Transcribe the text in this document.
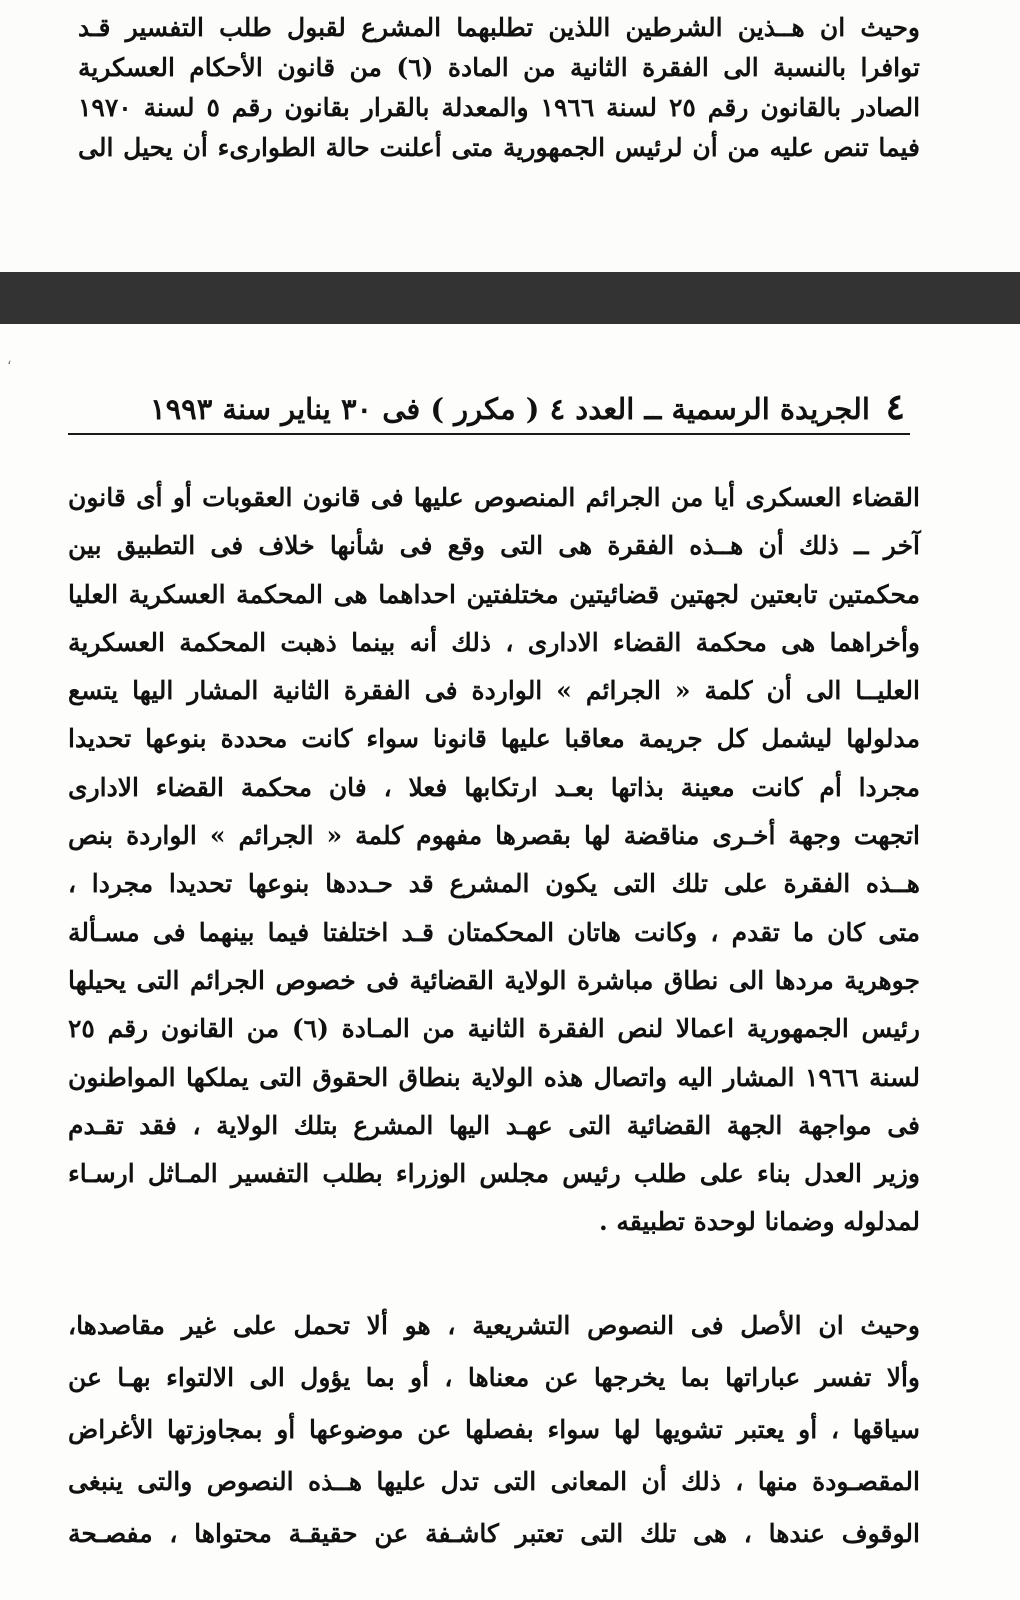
وحيث ان هــذين الشرطين اللذين تطلبهما المشرع لقبول طلب التفسير قـد
توافرا بالنسبة الى الفقرة الثانية من المادة (٦) من قانون الأحكام العسكرية
الصادر بالقانون رقم ٢٥ لسنة ١٩٦٦ والمعدلة بالقرار بقانون رقم ٥ لسنة ١٩٧٠
فيما تنص عليه من أن لرئيس الجمهورية متى أعلنت حالة الطوارىء أن يحيل الى
،
٤
الجريدة الرسمية ــ العدد ٤ ( مكرر ) فى ٣٠ يناير سنة ١٩٩٣
القضاء العسكرى أيا من الجرائم المنصوص عليها فى قانون العقوبات أو أى قانون
آخر ــ ذلك أن هــذه الفقرة هى التى وقع فى شأنها خلاف فى التطبيق بين
محكمتين تابعتين لجهتين قضائيتين مختلفتين احداهما هى المحكمة العسكرية العليا
وأخراهما هى محكمة القضاء الادارى ، ذلك أنه بينما ذهبت المحكمة العسكرية
العليــا الى أن كلمة « الجرائم » الواردة فى الفقرة الثانية المشار اليها يتسع
مدلولها ليشمل كل جريمة معاقبا عليها قانونا سواء كانت محددة بنوعها تحديدا
مجردا أم كانت معينة بذاتها بعـد ارتكابها فعلا ، فان محكمة القضاء الادارى
اتجهت وجهة أخـرى مناقضة لها بقصرها مفهوم كلمة « الجرائم » الواردة بنص
هــذه الفقرة على تلك التى يكون المشرع قد حـددها بنوعها تحديدا مجردا ،
متى كان ما تقدم ، وكانت هاتان المحكمتان قـد اختلفتا فيما بينهما فى مسـألة
جوهرية مردها الى نطاق مباشرة الولاية القضائية فى خصوص الجرائم التى يحيلها
رئيس الجمهورية اعمالا لنص الفقرة الثانية من المـادة (٦) من القانون رقم ٢٥
لسنة ١٩٦٦ المشار اليه واتصال هذه الولاية بنطاق الحقوق التى يملكها المواطنون
فى مواجهة الجهة القضائية التى عهـد اليها المشرع بتلك الولاية ، فقد تقـدم
وزير العدل بناء على طلب رئيس مجلس الوزراء بطلب التفسير المـاثل ارسـاء
لمدلوله وضمانا لوحدة تطبيقه .
وحيث ان الأصل فى النصوص التشريعية ، هو ألا تحمل على غير مقاصدها،
وألا تفسر عباراتها بما يخرجها عن معناها ، أو بما يؤول الى الالتواء بهـا عن
سياقها ، أو يعتبر تشويها لها سواء بفصلها عن موضوعها أو بمجاوزتها الأغراض
المقصـودة منها ، ذلك أن المعانى التى تدل عليها هــذه النصوص والتى ينبغى
الوقوف عندها ، هى تلك التى تعتبر كاشـفة عن حقيقـة محتواها ، مفصـحة
